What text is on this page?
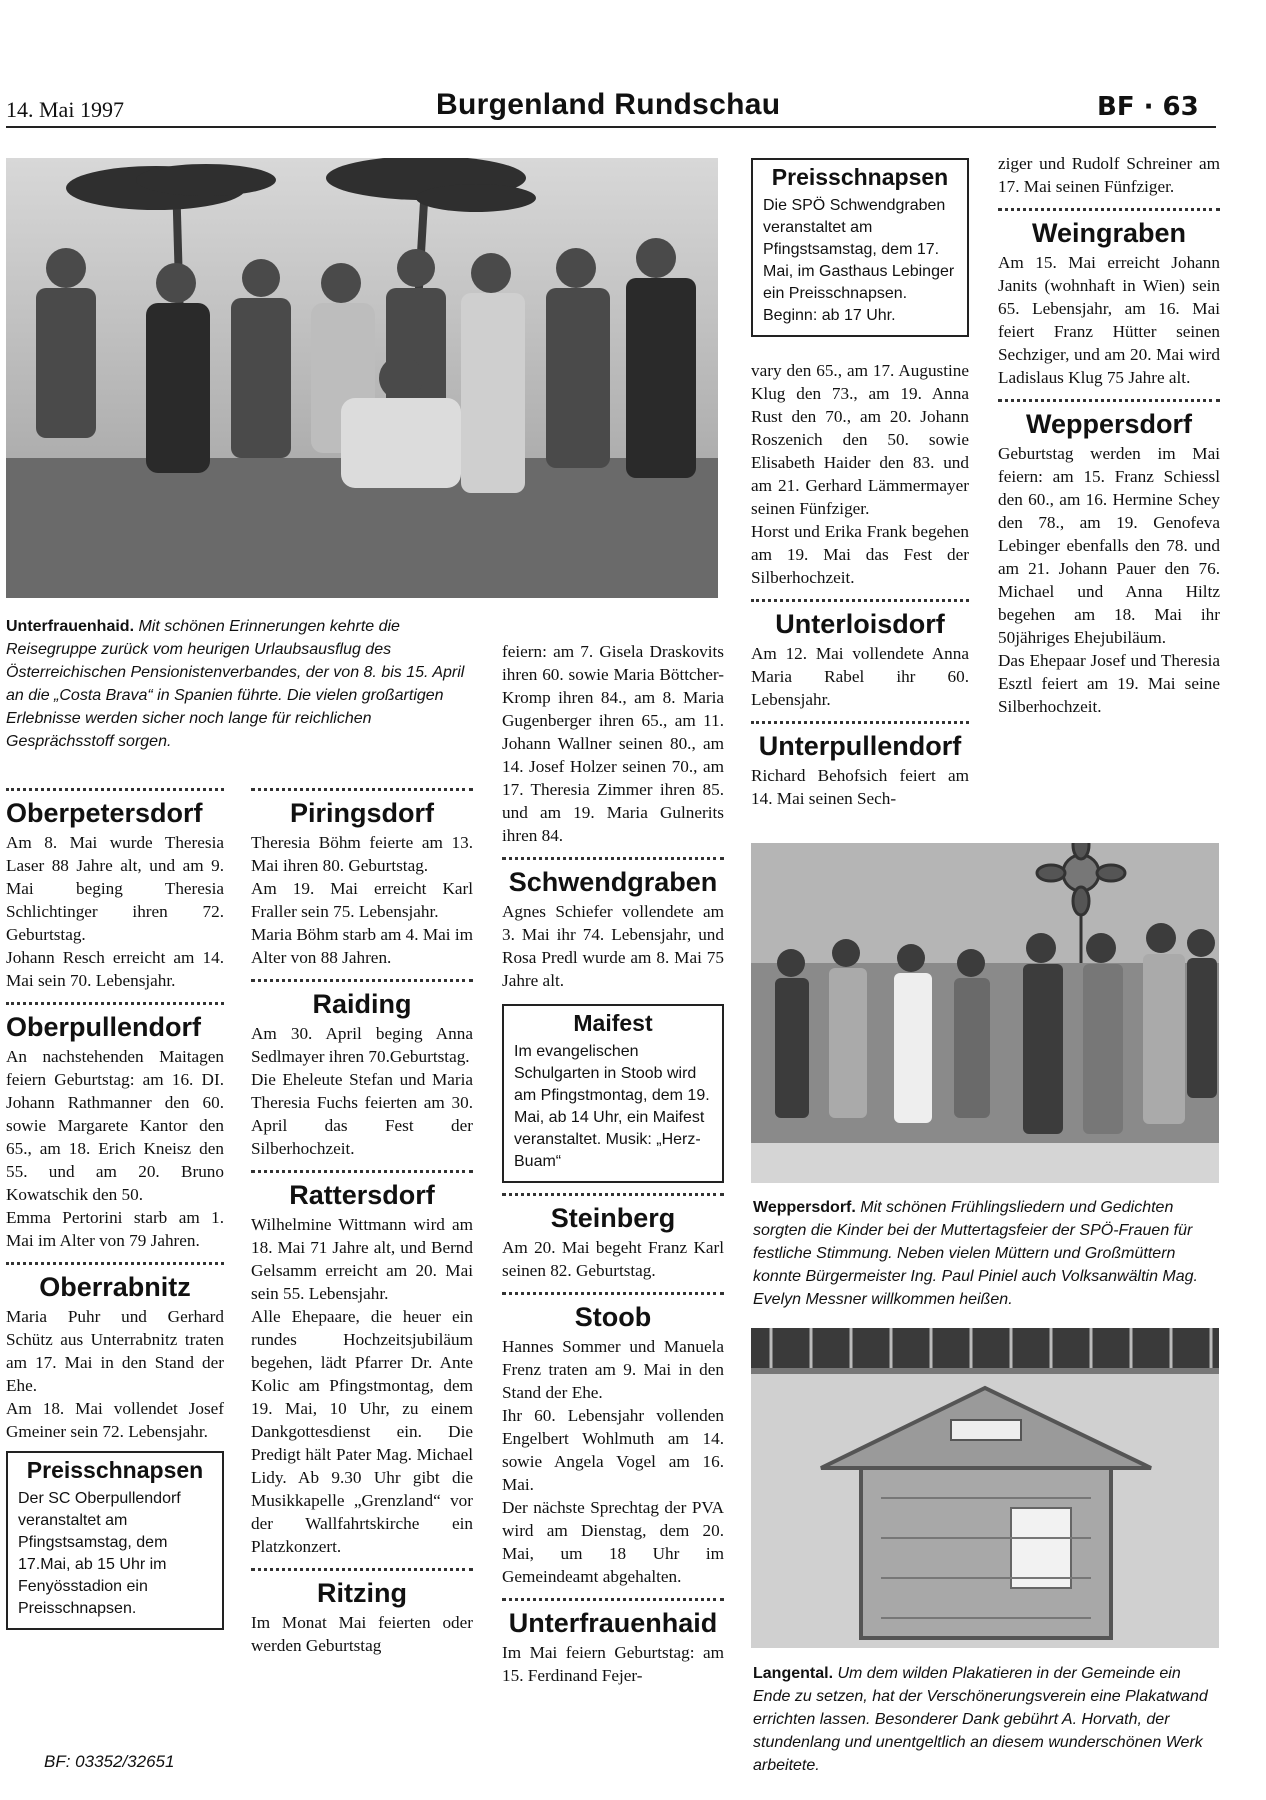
14. Mai 1997	Burgenland Rundschau	BF · 63
Unterfrauenhaid. Mit schönen Erinnerungen kehrte die Reisegruppe zurück vom heurigen Urlaubsausflug des Österreichischen Pensionistenverbandes, der von 8. bis 15. April an die „Costa Brava“ in Spanien führte. Die vielen großartigen Erlebnisse werden sicher noch lange für reichlichen Gesprächsstoff sorgen.
Oberpetersdorf

Am 8. Mai wurde Theresia Laser 88 Jahre alt, und am 9. Mai beging Theresia Schlichtinger ihren 72. Geburtstag.

Johann Resch erreicht am 14. Mai sein 70. Lebensjahr.

Oberpullendorf

An nachstehenden Maitagen feiern Geburtstag: am 16. DI. Johann Rathmanner den 60. sowie Margarete Kantor den 65., am 18. Erich Kneisz den 55. und am 20. Bruno Kowatschik den 50.

Emma Pertorini starb am 1. Mai im Alter von 79 Jahren.

Oberrabnitz

Maria Puhr und Gerhard Schütz aus Unterrabnitz traten am 17. Mai in den Stand der Ehe.

Am 18. Mai vollendet Josef Gmeiner sein 72. Lebensjahr.

Preisschnapsen
Der SC Oberpullendorf veranstaltet am Pfingstsamstag, dem 17.Mai, ab 15 Uhr im Fenyösstadion ein Preisschnapsen.
BF: 03352/32651
Piringsdorf

Theresia Böhm feierte am 13. Mai ihren 80. Geburtstag.

Am 19. Mai erreicht Karl Fraller sein 75. Lebensjahr.

Maria Böhm starb am 4. Mai im Alter von 88 Jahren.

Raiding

Am 30. April beging Anna Sedlmayer ihren 70.Geburtstag.

Die Eheleute Stefan und Maria Theresia Fuchs feierten am 30. April das Fest der Silberhochzeit.

Rattersdorf

Wilhelmine Wittmann wird am 18. Mai 71 Jahre alt, und Bernd Gelsamm erreicht am 20. Mai sein 55. Lebensjahr.

Alle Ehepaare, die heuer ein rundes Hochzeitsjubiläum begehen, lädt Pfarrer Dr. Ante Kolic am Pfingstmontag, dem 19. Mai, 10 Uhr, zu einem Dankgottesdienst ein. Die Predigt hält Pater Mag. Michael Lidy. Ab 9.30 Uhr gibt die Musikkapelle „Grenzland“ vor der Wallfahrtskirche ein Platzkonzert.

Ritzing

Im Monat Mai feierten oder werden Geburtstag

feiern: am 7. Gisela Draskovits ihren 60. sowie Maria Böttcher-Kromp ihren 84., am 8. Maria Gugenberger ihren 65., am 11. Johann Wallner seinen 80., am 14. Josef Holzer seinen 70., am 17. Theresia Zimmer ihren 85. und am 19. Maria Gulnerits ihren 84.

Schwendgraben

Agnes Schiefer vollendete am 3. Mai ihr 74. Lebensjahr, und Rosa Predl wurde am 8. Mai 75 Jahre alt.

Maifest
Im evangelischen Schulgarten in Stoob wird am Pfingstmontag, dem 19. Mai, ab 14 Uhr, ein Maifest veranstaltet. Musik: „Herz-Buam“
Steinberg

Am 20. Mai begeht Franz Karl seinen 82. Geburtstag.

Stoob

Hannes Sommer und Manuela Frenz traten am 9. Mai in den Stand der Ehe.

Ihr 60. Lebensjahr vollenden Engelbert Wohlmuth am 14. sowie Angela Vogel am 16. Mai.

Der nächste Sprechtag der PVA wird am Dienstag, dem 20. Mai, um 18 Uhr im Gemeindeamt abgehalten.

Unterfrauenhaid

Im Mai feiern Geburtstag: am 15. Ferdinand Fejer-

Preisschnapsen
Die SPÖ Schwendgraben veranstaltet am Pfingstsamstag, dem 17. Mai, im Gasthaus Lebinger ein Preisschnapsen. Beginn: ab 17 Uhr.

vary den 65., am 17. Augustine Klug den 73., am 19. Anna Rust den 70., am 20. Johann Roszenich den 50. sowie Elisabeth Haider den 83. und am 21. Gerhard Lämmermayer seinen Fünfziger.

Horst und Erika Frank begehen am 19. Mai das Fest der Silberhochzeit.

Unterloisdorf

Am 12. Mai vollendete Anna Maria Rabel ihr 60. Lebensjahr.

Unterpullendorf

Richard Behofsich feiert am 14. Mai seinen Sech-

ziger und Rudolf Schreiner am 17. Mai seinen Fünfziger.

Weingraben

Am 15. Mai erreicht Johann Janits (wohnhaft in Wien) sein 65. Lebensjahr, am 16. Mai feiert Franz Hütter seinen Sechziger, und am 20. Mai wird Ladislaus Klug 75 Jahre alt.

Weppersdorf

Geburtstag werden im Mai feiern: am 15. Franz Schiessl den 60., am 16. Hermine Schey den 78., am 19. Genofeva Lebinger ebenfalls den 78. und am 21. Johann Pauer den 76. Michael und Anna Hiltz begehen am 18. Mai ihr 50jähriges Ehejubiläum.

Das Ehepaar Josef und Theresia Esztl feiert am 19. Mai seine Silberhochzeit.

Weppersdorf. Mit schönen Frühlingsliedern und Gedichten sorgten die Kinder bei der Muttertagsfeier der SPÖ-Frauen für festliche Stimmung. Neben vielen Müttern und Großmüttern konnte Bürgermeister Ing. Paul Piniel auch Volksanwältin Mag. Evelyn Messner willkommen heißen.
Langental. Um dem wilden Plakatieren in der Gemeinde ein Ende zu setzen, hat der Verschönerungsverein eine Plakatwand errichten lassen. Besonderer Dank gebührt A. Horvath, der stundenlang und unentgeltlich an diesem wunderschönen Werk arbeitete.
